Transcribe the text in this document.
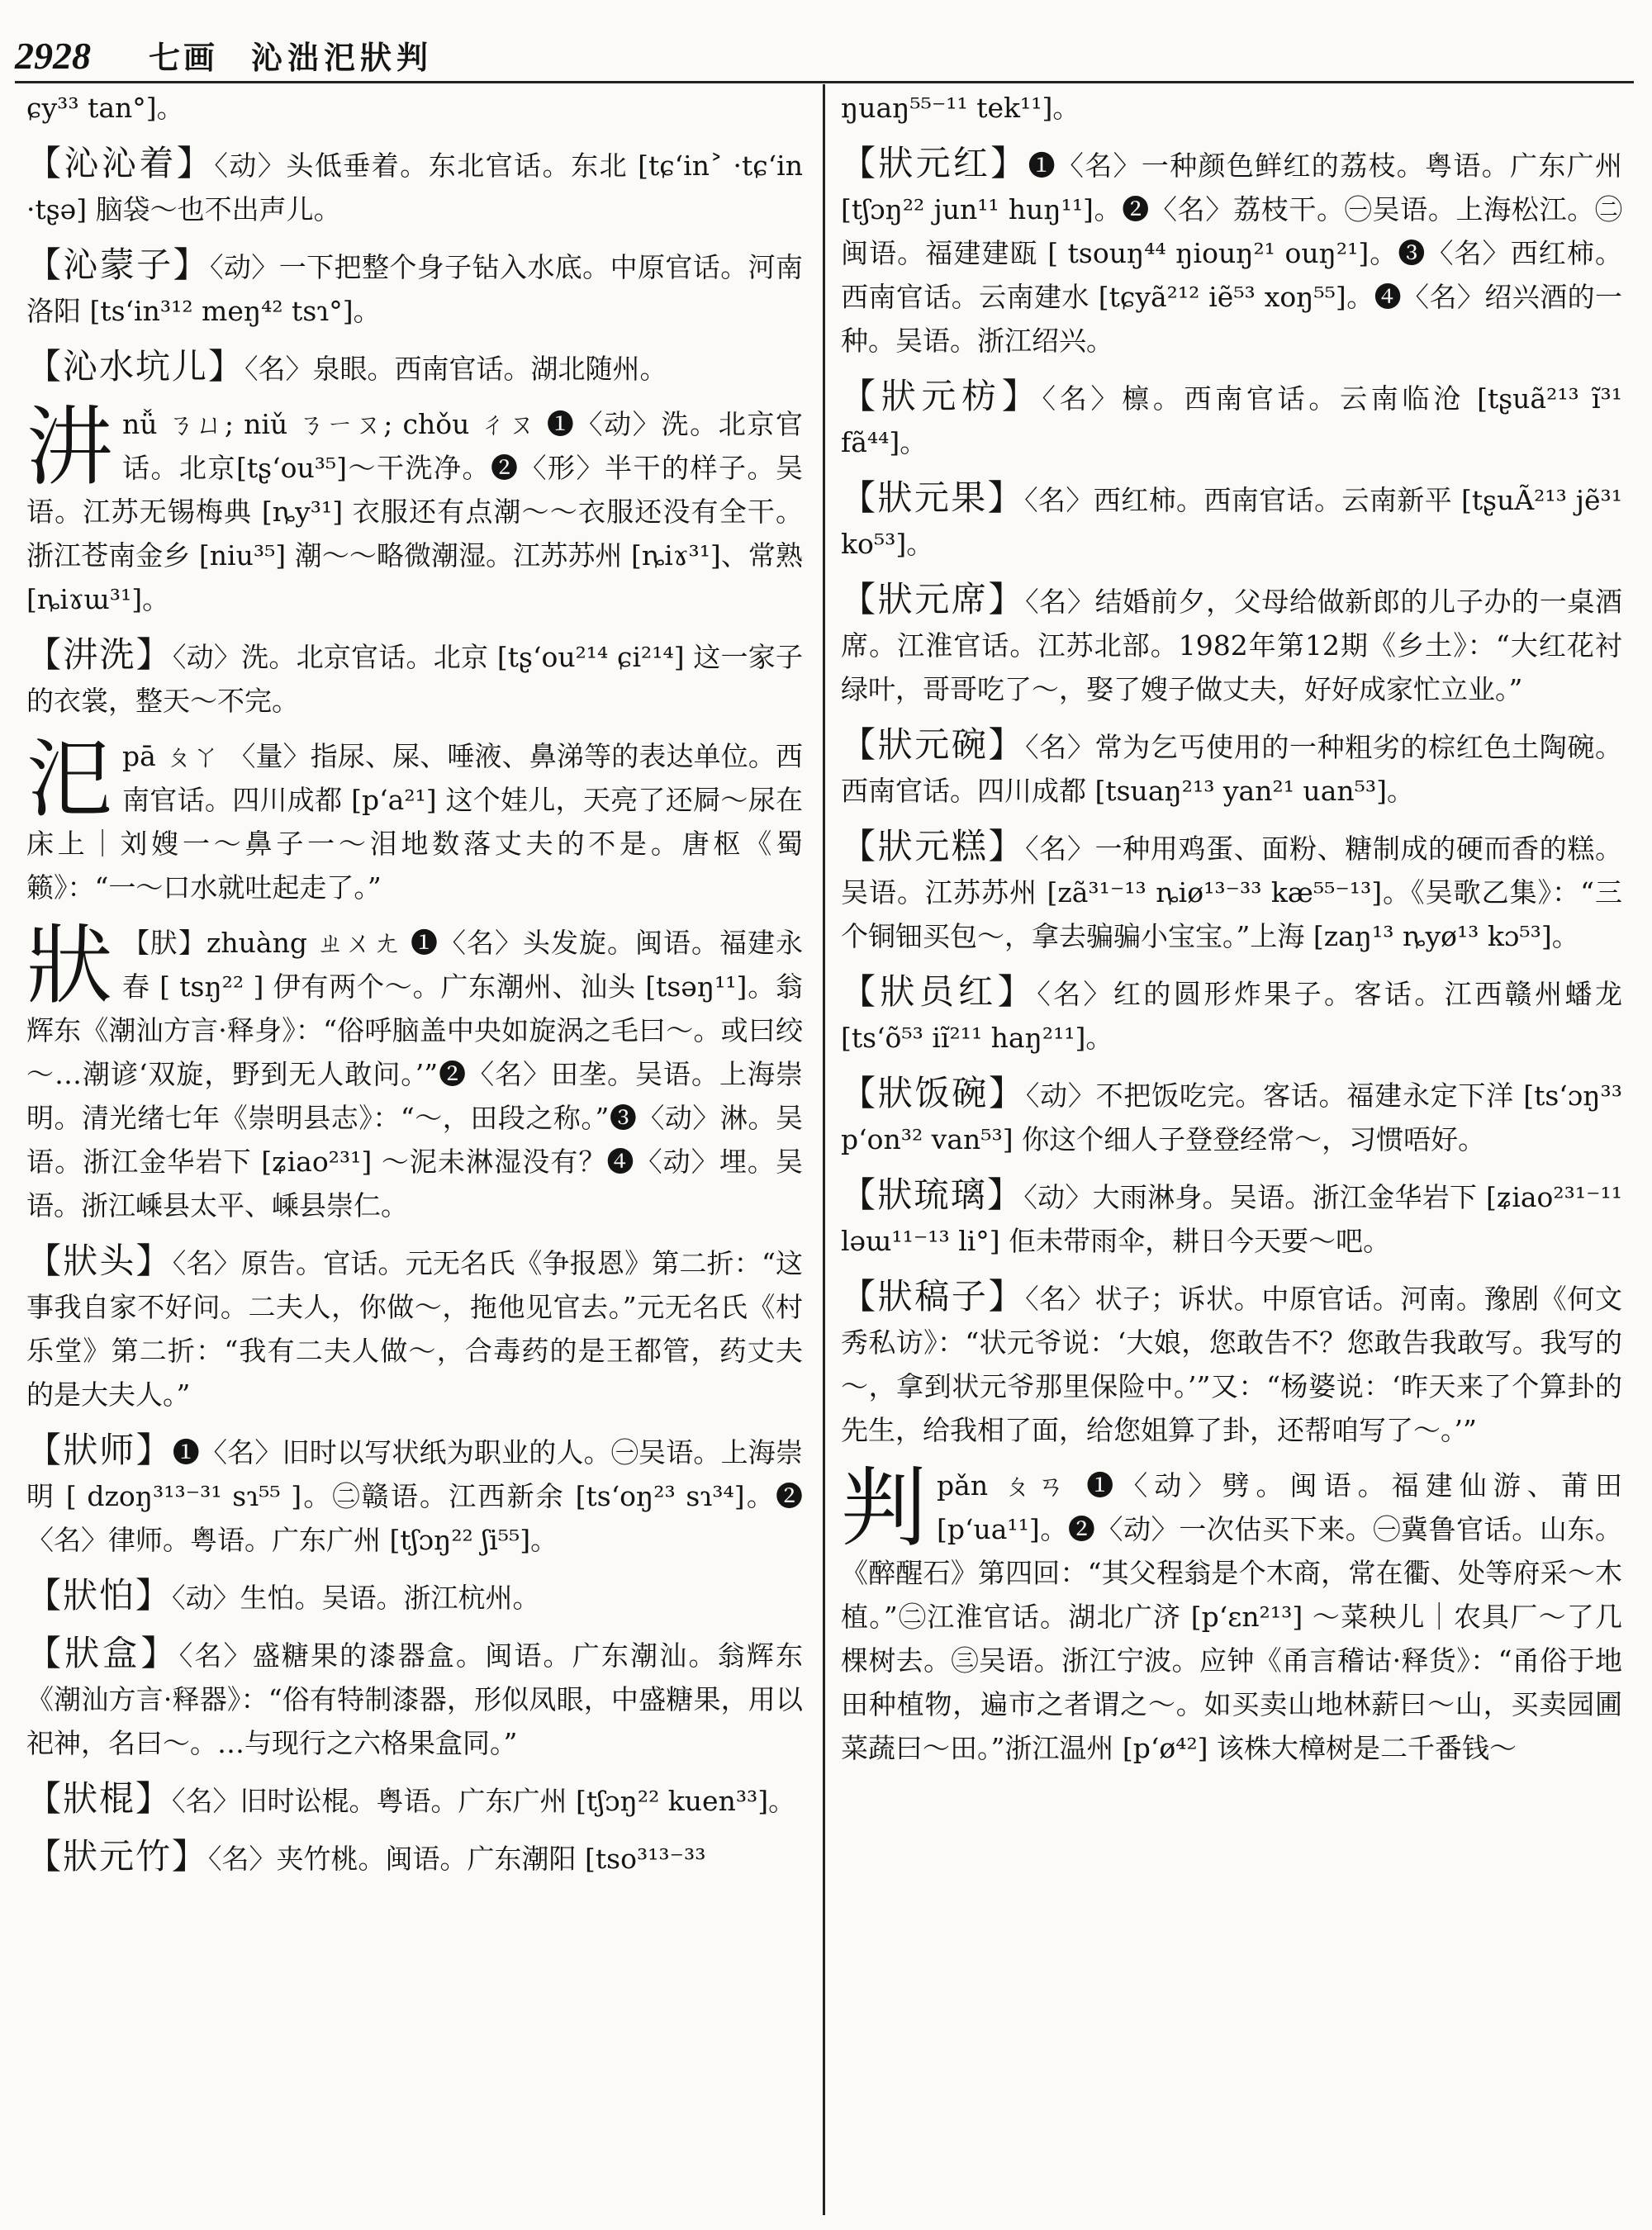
2928 七画 沁泏汜狀判
ɕy³³ tan°]。
【沁沁着】〈动〉头低垂着。东北官话。东北 [tɕʻin˃ ·tɕʻin ·tʂə] 脑袋～也不出声儿。
【沁蒙子】〈动〉一下把整个身子钻入水底。中原官话。河南洛阳 [tsʻin³¹² meŋ⁴² tsɿ°]。
【沁水坑儿】〈名〉泉眼。西南官话。湖北随州。
汫nǚ ㄋㄩ; niǔ ㄋㄧㄡ; chǒu ㄔㄡ ❶〈动〉洗。北京官话。北京[tʂʻou³⁵]～干洗净。❷〈形〉半干的样子。吴语。江苏无锡梅典 [ȵy³¹] 衣服还有点潮～～衣服还没有全干。浙江苍南金乡 [niu³⁵] 潮～～略微潮湿。江苏苏州 [ȵiɤ³¹]、常熟 [ȵiɤɯ³¹]。
【汫洗】〈动〉洗。北京官话。北京 [tʂʻou²¹⁴ ɕi²¹⁴] 这一家子的衣裳，整天～不完。
汜pā ㄆㄚ 〈量〉指尿、屎、唾液、鼻涕等的表达单位。西南官话。四川成都 [pʻa²¹] 这个娃儿，天亮了还屙～尿在床上｜刘嫂一～鼻子一～泪地数落丈夫的不是。唐枢《蜀籁》：“一～口水就吐起走了。”
狀 【肰】zhuàng ㄓㄨㄤ ❶〈名〉头发旋。闽语。福建永春 [ tsŋ²² ] 伊有两个～。广东潮州、汕头 [tsəŋ¹¹]。翁辉东《潮汕方言·释身》：“俗呼脑盖中央如旋涡之毛曰～。或曰绞～…潮谚‘双旋，野到无人敢问。’”❷〈名〉田垄。吴语。上海崇明。清光绪七年《崇明县志》：“～，田段之称。”❸〈动〉淋。吴语。浙江金华岩下 [ʑiao²³¹] ～泥未淋湿没有？❹〈动〉埋。吴语。浙江嵊县太平、嵊县崇仁。
【狀头】〈名〉原告。官话。元无名氏《争报恩》第二折：“这事我自家不好问。二夫人，你做～，拖他见官去。”元无名氏《村乐堂》第二折：“我有二夫人做～，合毒药的是王都管，药丈夫的是大夫人。”
【狀师】❶〈名〉旧时以写状纸为职业的人。㊀吴语。上海崇明 [ dzoŋ³¹³⁻³¹ sɿ⁵⁵ ]。㊁赣语。江西新余 [tsʻoŋ²³ sɿ³⁴]。❷〈名〉律师。粤语。广东广州 [tʃɔŋ²² ʃi⁵⁵]。
【狀怕】〈动〉生怕。吴语。浙江杭州。
【狀盒】〈名〉盛糖果的漆器盒。闽语。广东潮汕。翁辉东《潮汕方言·释器》：“俗有特制漆器，形似凤眼，中盛糖果，用以祀神，名曰～。…与现行之六格果盒同。”
【狀棍】〈名〉旧时讼棍。粤语。广东广州 [tʃɔŋ²² kuen³³]。
【狀元竹】〈名〉夹竹桃。闽语。广东潮阳 [tso³¹³⁻³³
ŋuaŋ⁵⁵⁻¹¹ tek¹¹]。
【狀元红】❶〈名〉一种颜色鲜红的荔枝。粤语。广东广州 [tʃɔŋ²² jun¹¹ huŋ¹¹]。❷〈名〉荔枝干。㊀吴语。上海松江。㊁闽语。福建建瓯 [ tsouŋ⁴⁴ ŋiouŋ²¹ ouŋ²¹]。❸〈名〉西红柿。西南官话。云南建水 [tɕyã²¹² iẽ⁵³ xoŋ⁵⁵]。❹〈名〉绍兴酒的一种。吴语。浙江绍兴。
【狀元枋】〈名〉檩。西南官话。云南临沧 [tʂuã²¹³ ĩ³¹ fã⁴⁴]。
【狀元果】〈名〉西红柿。西南官话。云南新平 [tʂuÃ²¹³ jẽ³¹ ko⁵³]。
【狀元席】〈名〉结婚前夕，父母给做新郎的儿子办的一桌酒席。江淮官话。江苏北部。1982年第12期《乡土》：“大红花衬绿叶，哥哥吃了～，娶了嫂子做丈夫，好好成家忙立业。”
【狀元碗】〈名〉常为乞丐使用的一种粗劣的棕红色土陶碗。西南官话。四川成都 [tsuaŋ²¹³ yan²¹ uan⁵³]。
【狀元糕】〈名〉一种用鸡蛋、面粉、糖制成的硬而香的糕。吴语。江苏苏州 [zã³¹⁻¹³ ȵiø¹³⁻³³ kæ⁵⁵⁻¹³]。《吴歌乙集》：“三个铜钿买包～，拿去骗骗小宝宝。”上海 [zaŋ¹³ ȵyø¹³ kɔ⁵³]。
【狀员红】〈名〉红的圆形炸果子。客话。江西赣州蟠龙 [tsʻõ⁵³ iĩ²¹¹ haŋ²¹¹]。
【狀饭碗】〈动〉不把饭吃完。客话。福建永定下洋 [tsʻɔŋ³³ pʻon³² van⁵³] 你这个细人子登登经常～，习惯唔好。
【狀琉璃】〈动〉大雨淋身。吴语。浙江金华岩下 [ʑiao²³¹⁻¹¹ ləɯ¹¹⁻¹³ li°] 佢未带雨伞，耕日今天要～吧。
【狀稿子】〈名〉状子；诉状。中原官话。河南。豫剧《何文秀私访》：“状元爷说：‘大娘，您敢告不？您敢告我敢写。我写的～，拿到状元爷那里保险中。’”又：“杨婆说：‘昨天来了个算卦的先生，给我相了面，给您姐算了卦，还帮咱写了～。’”
判pǎn ㄆㄢ ❶〈动〉劈。闽语。福建仙游、莆田 [pʻua¹¹]。❷〈动〉一次估买下来。㊀冀鲁官话。山东。《醉醒石》第四回：“其父程翁是个木商，常在衢、处等府采～木植。”㊁江淮官话。湖北广济 [pʻɛn²¹³] ～菜秧儿｜农具厂～了几棵树去。㊂吴语。浙江宁波。应钟《甬言稽诂·释货》：“甬俗于地田种植物，遍市之者谓之～。如买卖山地林薪曰～山，买卖园圃菜蔬曰～田。”浙江温州 [pʻø⁴²] 该株大樟树是二千番钱～
